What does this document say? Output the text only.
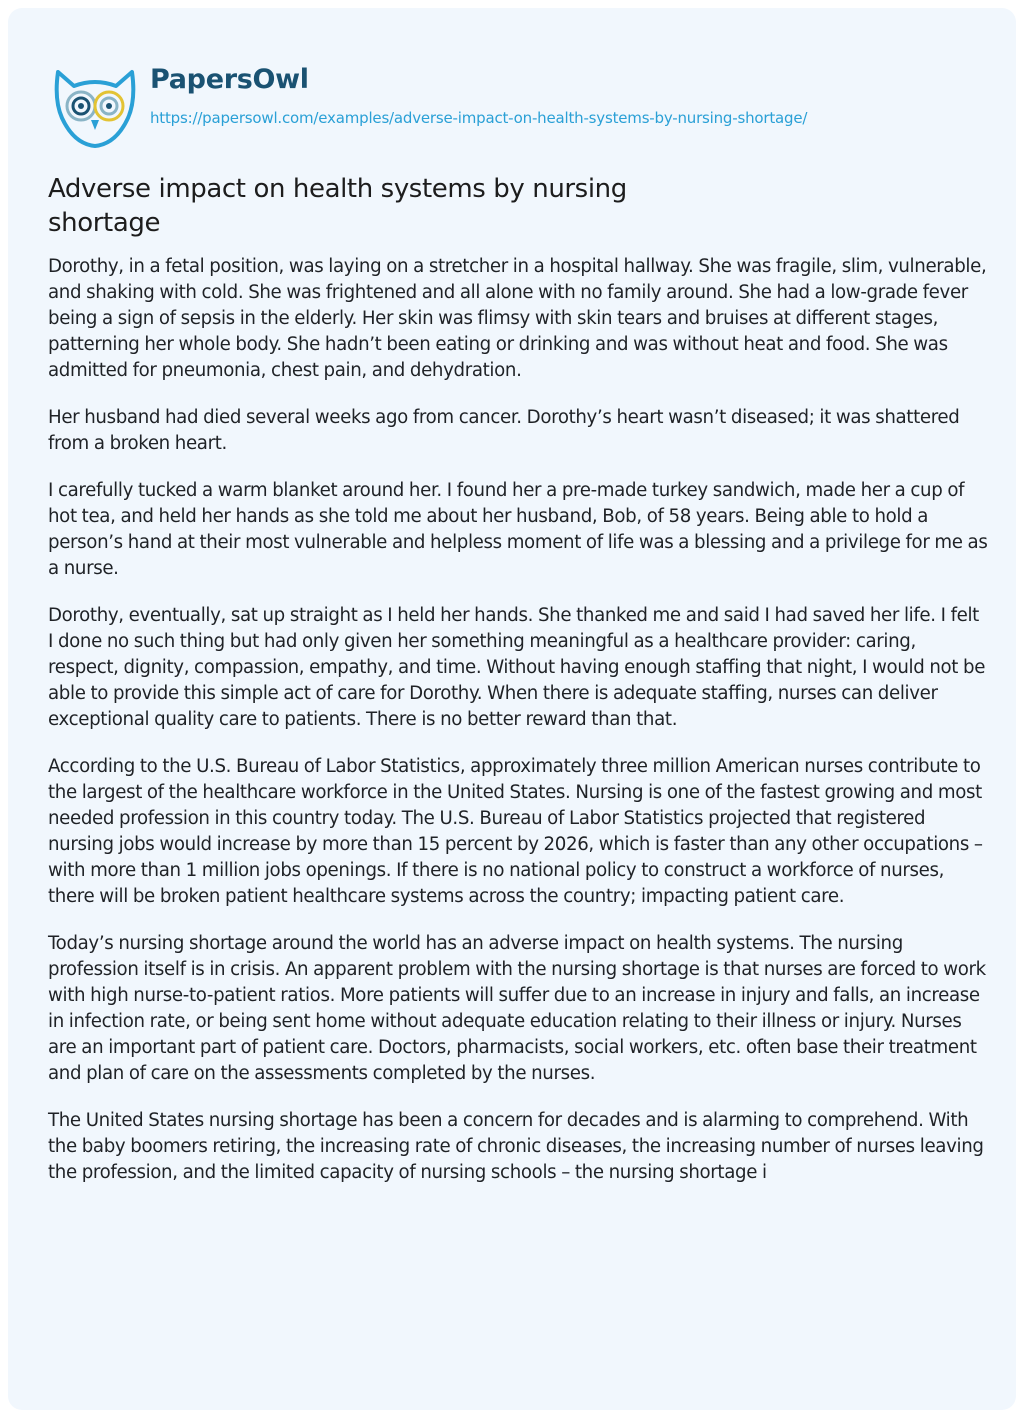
PapersOwl
https://papersowl.com/examples/adverse-impact-on-health-systems-by-nursing-shortage/
Adverse impact on health systems by nursing shortage

Dorothy, in a fetal position, was laying on a stretcher in a hospital hallway. She was fragile, slim, vulnerable, and shaking with cold. She was frightened and all alone with no family around. She had a low-grade fever being a sign of sepsis in the elderly. Her skin was flimsy with skin tears and bruises at different stages, patterning her whole body. She hadn’t been eating or drinking and was without heat and food. She was admitted for pneumonia, chest pain, and dehydration.

Her husband had died several weeks ago from cancer. Dorothy’s heart wasn’t diseased; it was shattered from a broken heart.

I carefully tucked a warm blanket around her. I found her a pre-made turkey sandwich, made her a cup of hot tea, and held her hands as she told me about her husband, Bob, of 58 years. Being able to hold a person’s hand at their most vulnerable and helpless moment of life was a blessing and a privilege for me as a nurse.

Dorothy, eventually, sat up straight as I held her hands. She thanked me and said I had saved her life. I felt I done no such thing but had only given her something meaningful as a healthcare provider: caring, respect, dignity, compassion, empathy, and time. Without having enough staffing that night, I would not be able to provide this simple act of care for Dorothy. When there is adequate staffing, nurses can deliver exceptional quality care to patients. There is no better reward than that.

According to the U.S. Bureau of Labor Statistics, approximately three million American nurses contribute to the largest of the healthcare workforce in the United States. Nursing is one of the fastest growing and most needed profession in this country today. The U.S. Bureau of Labor Statistics projected that registered nursing jobs would increase by more than 15 percent by 2026, which is faster than any other occupations – with more than 1 million jobs openings. If there is no national policy to construct a workforce of nurses, there will be broken patient healthcare systems across the country; impacting patient care.

Today’s nursing shortage around the world has an adverse impact on health systems. The nursing profession itself is in crisis. An apparent problem with the nursing shortage is that nurses are forced to work with high nurse-to-patient ratios. More patients will suffer due to an increase in injury and falls, an increase in infection rate, or being sent home without adequate education relating to their illness or injury. Nurses are an important part of patient care. Doctors, pharmacists, social workers, etc. often base their treatment and plan of care on the assessments completed by the nurses.

The United States nursing shortage has been a concern for decades and is alarming to comprehend. With the baby boomers retiring, the increasing rate of chronic diseases, the increasing number of nurses leaving the profession, and the limited capacity of nursing schools – the nursing shortage i
